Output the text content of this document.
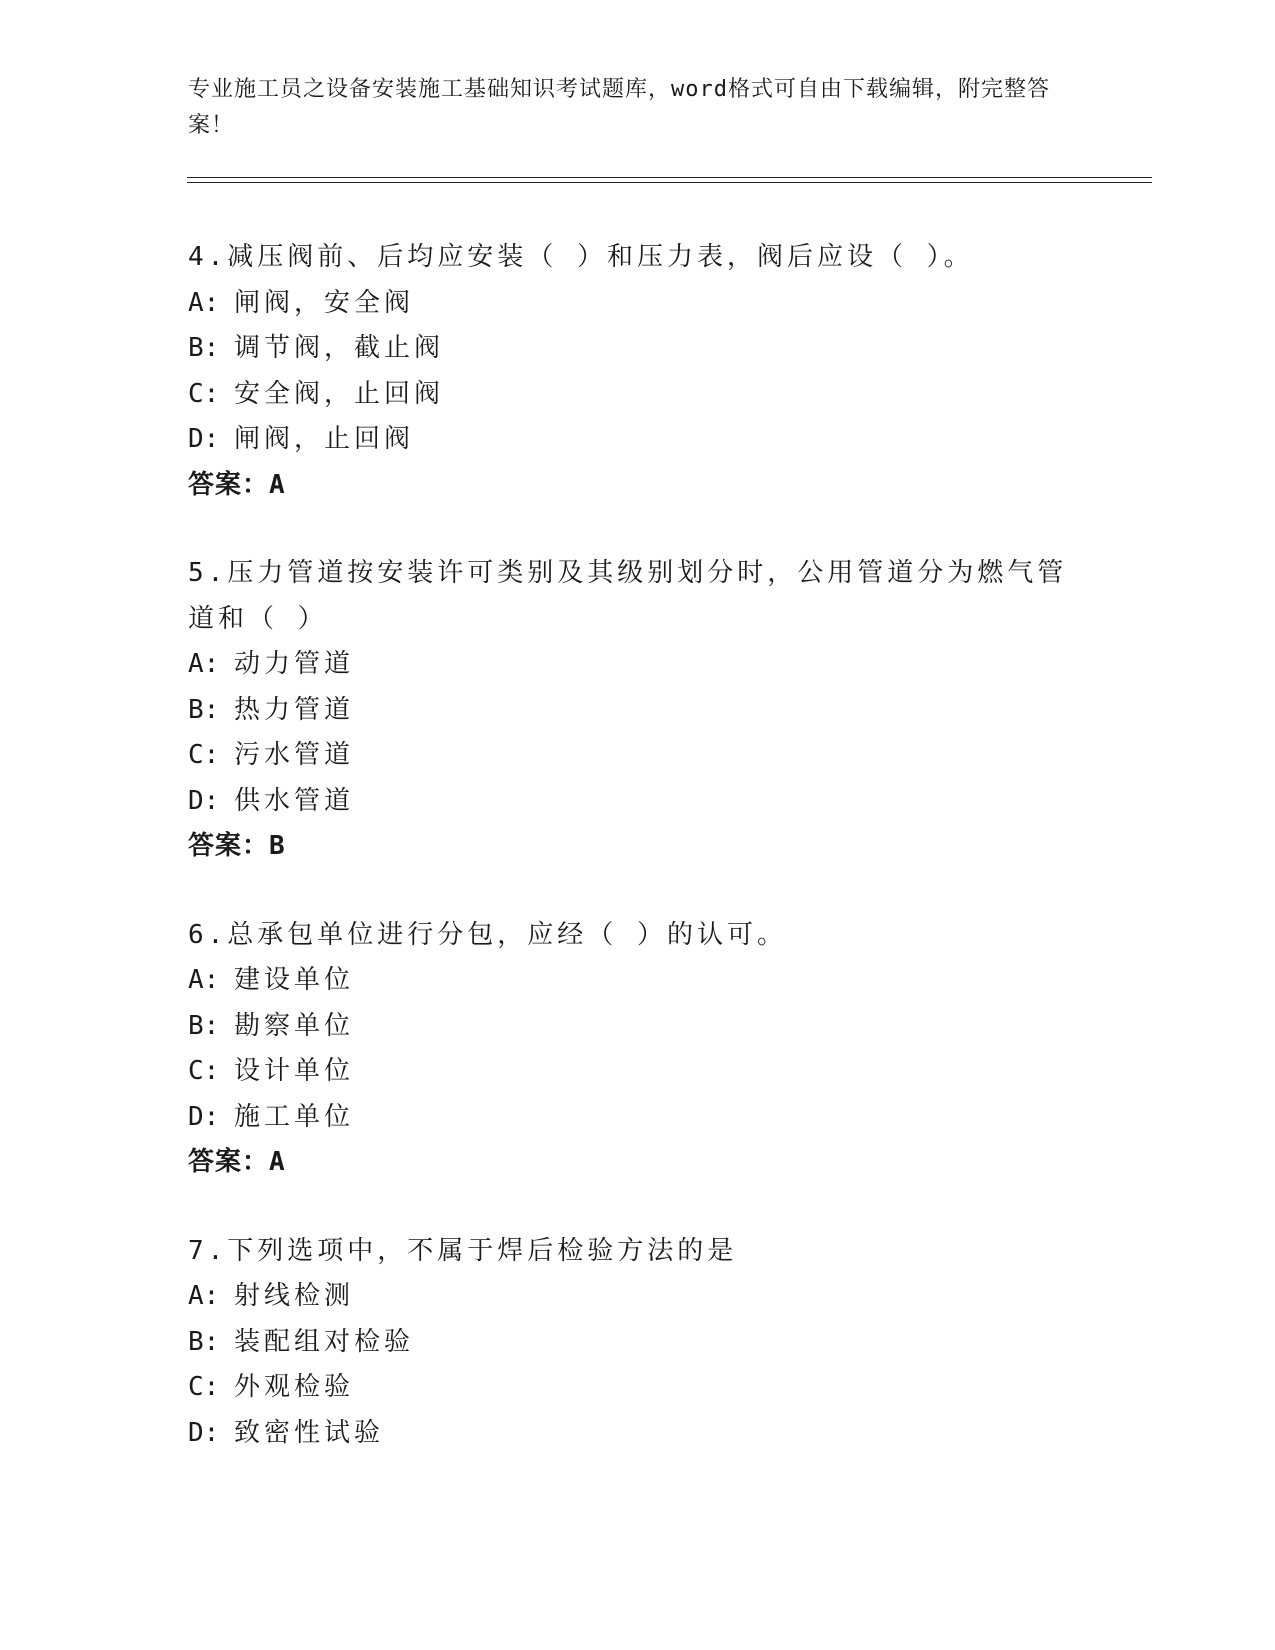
专业施工员之设备安装施工基础知识考试题库，word格式可自由下载编辑，附完整答案！
4.减压阀前、后均应安装（ ）和压力表，阀后应设（ ）。
A: 闸阀，安全阀
B: 调节阀，截止阀
C: 安全阀，止回阀
D: 闸阀，止回阀
答案：A
5.压力管道按安装许可类别及其级别划分时，公用管道分为燃气管道和（ ）
A: 动力管道
B: 热力管道
C: 污水管道
D: 供水管道
答案：B
6.总承包单位进行分包，应经（ ）的认可。
A: 建设单位
B: 勘察单位
C: 设计单位
D: 施工单位
答案：A
7.下列选项中，不属于焊后检验方法的是
A: 射线检测
B: 装配组对检验
C: 外观检验
D: 致密性试验
